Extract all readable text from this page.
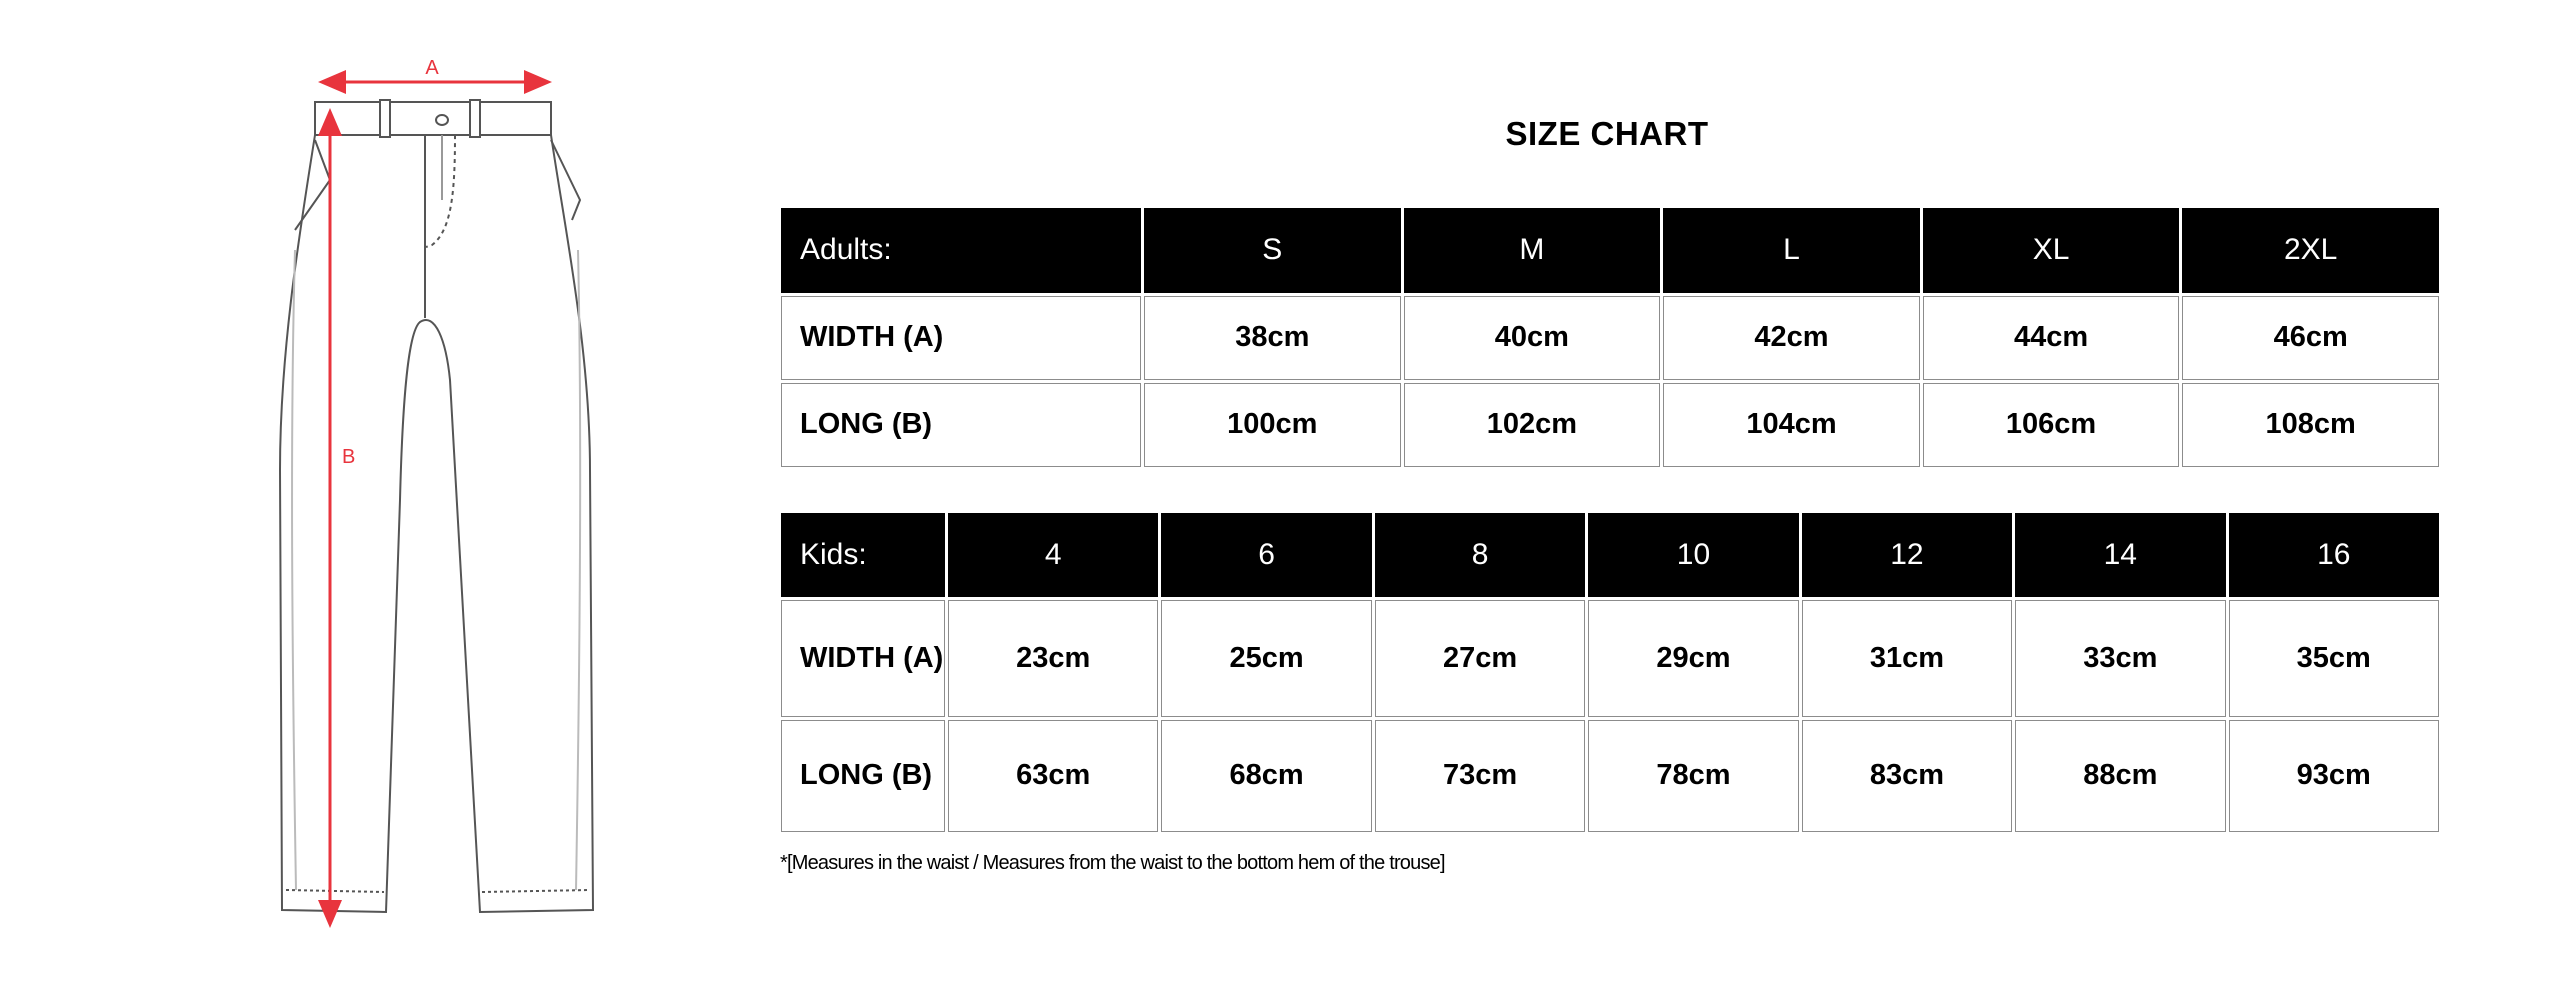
A
B
SIZE CHART
Adults:	S	M	L	XL	2XL
WIDTH (A)	38cm	40cm	42cm	44cm	46cm
LONG (B)	100cm	102cm	104cm	106cm	108cm
Kids:	4	6	8	10	12	14	16
WIDTH (A)	23cm	25cm	27cm	29cm	31cm	33cm	35cm
LONG (B)	63cm	68cm	73cm	78cm	83cm	88cm	93cm
*[Measures in the waist / Measures from the waist to the bottom hem of the trouse]
